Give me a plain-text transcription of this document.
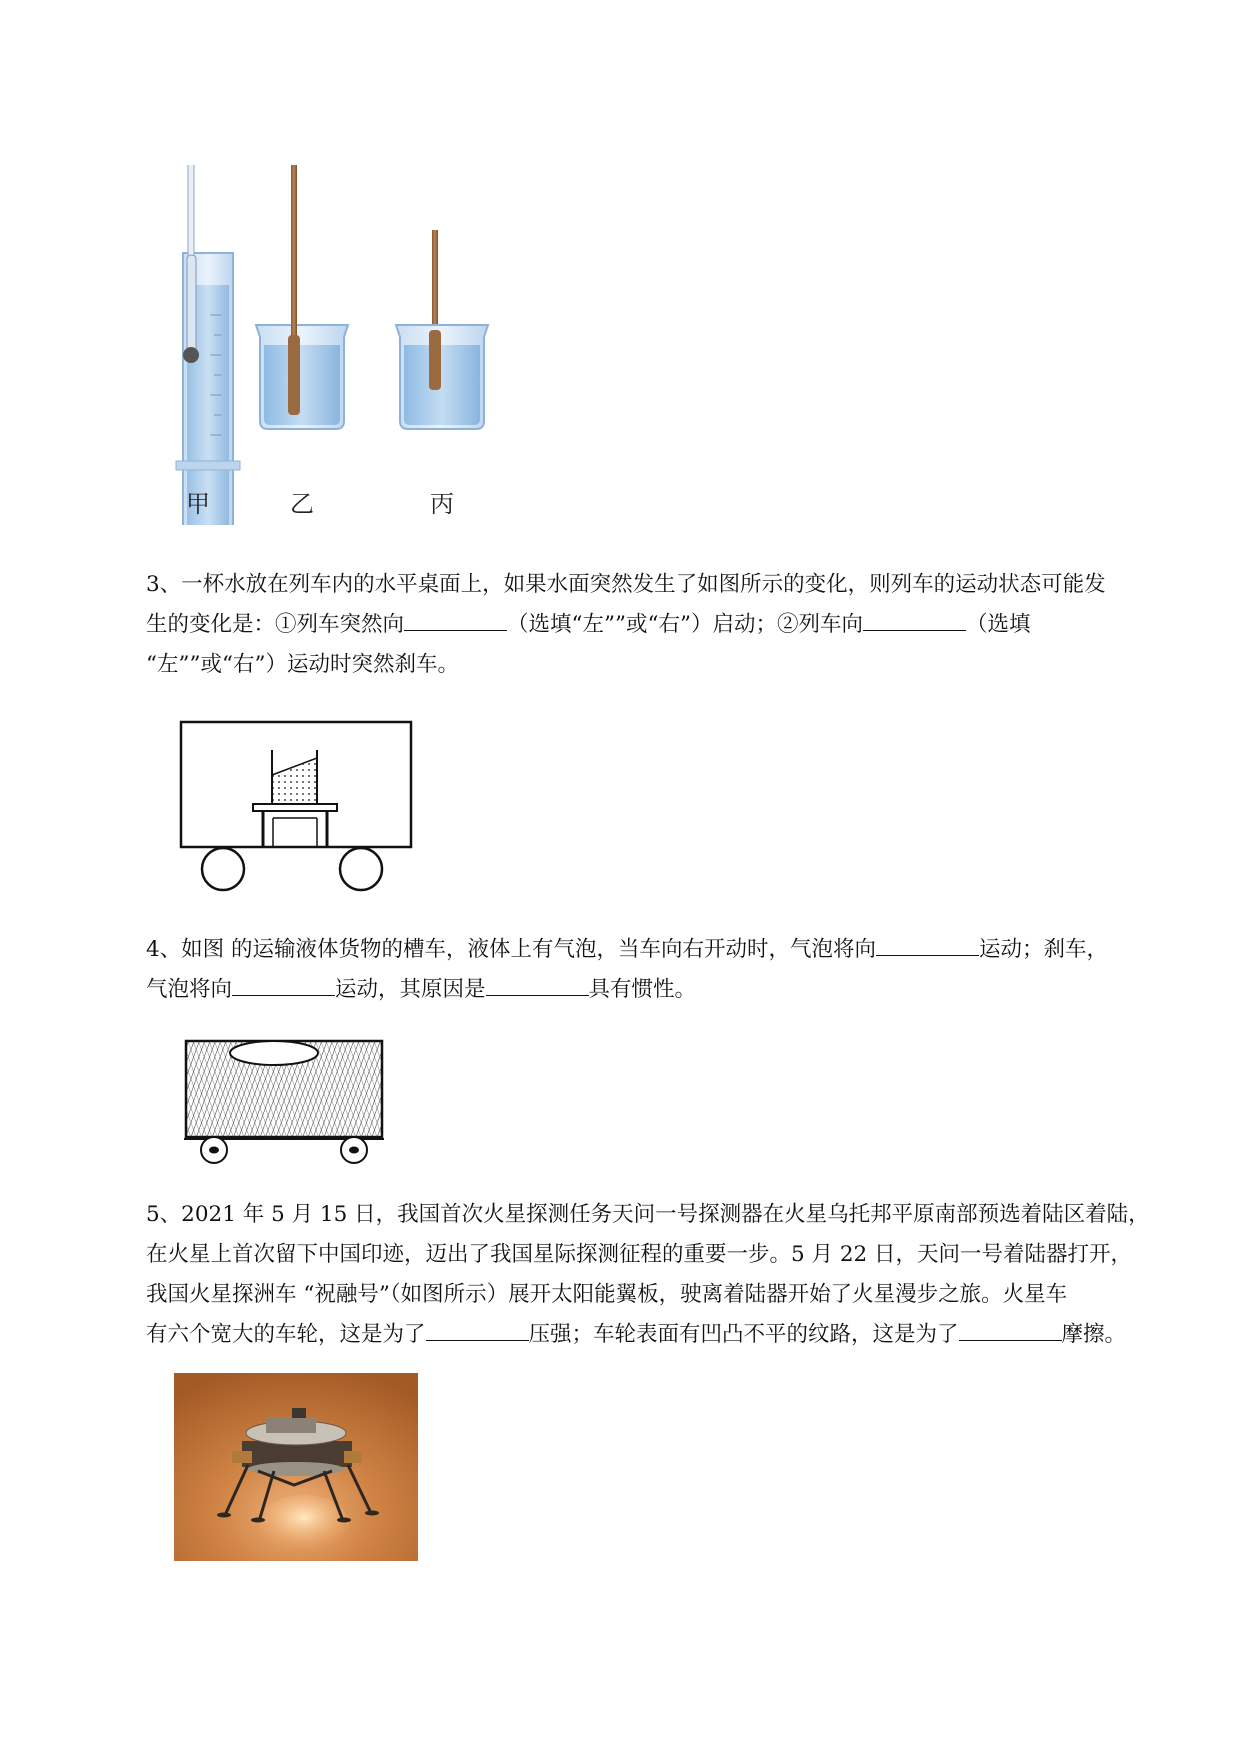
甲	乙	丙

3、一杯水放在列车内的水平桌面上，如果水面突然发生了如图所示的变化，则列车的运动状态可能发

生的变化是：①列车突然向	（选填“左””或“右”）启动；②列车向	（选填

“左””或“右”）运动时突然刹车。

4、如图 的运输液体货物的槽车，液体上有气泡，当车向右开动时，气泡将向	运动；刹车，

气泡将向	运动，其原因是	具有惯性。

5、2021 年 5 月 15 日，我国首次火星探测任务天问一号探测器在火星乌托邦平原南部预选着陆区着陆，

在火星上首次留下中国印迹，迈出了我国星际探测征程的重要一步。5 月 22 日，天问一号着陆器打开，

我国火星探洲车 “祝融号”（如图所示）展开太阳能翼板，驶离着陆器开始了火星漫步之旅。火星车

有六个宽大的车轮，这是为了	压强；车轮表面有凹凸不平的纹路，这是为了	摩擦。
